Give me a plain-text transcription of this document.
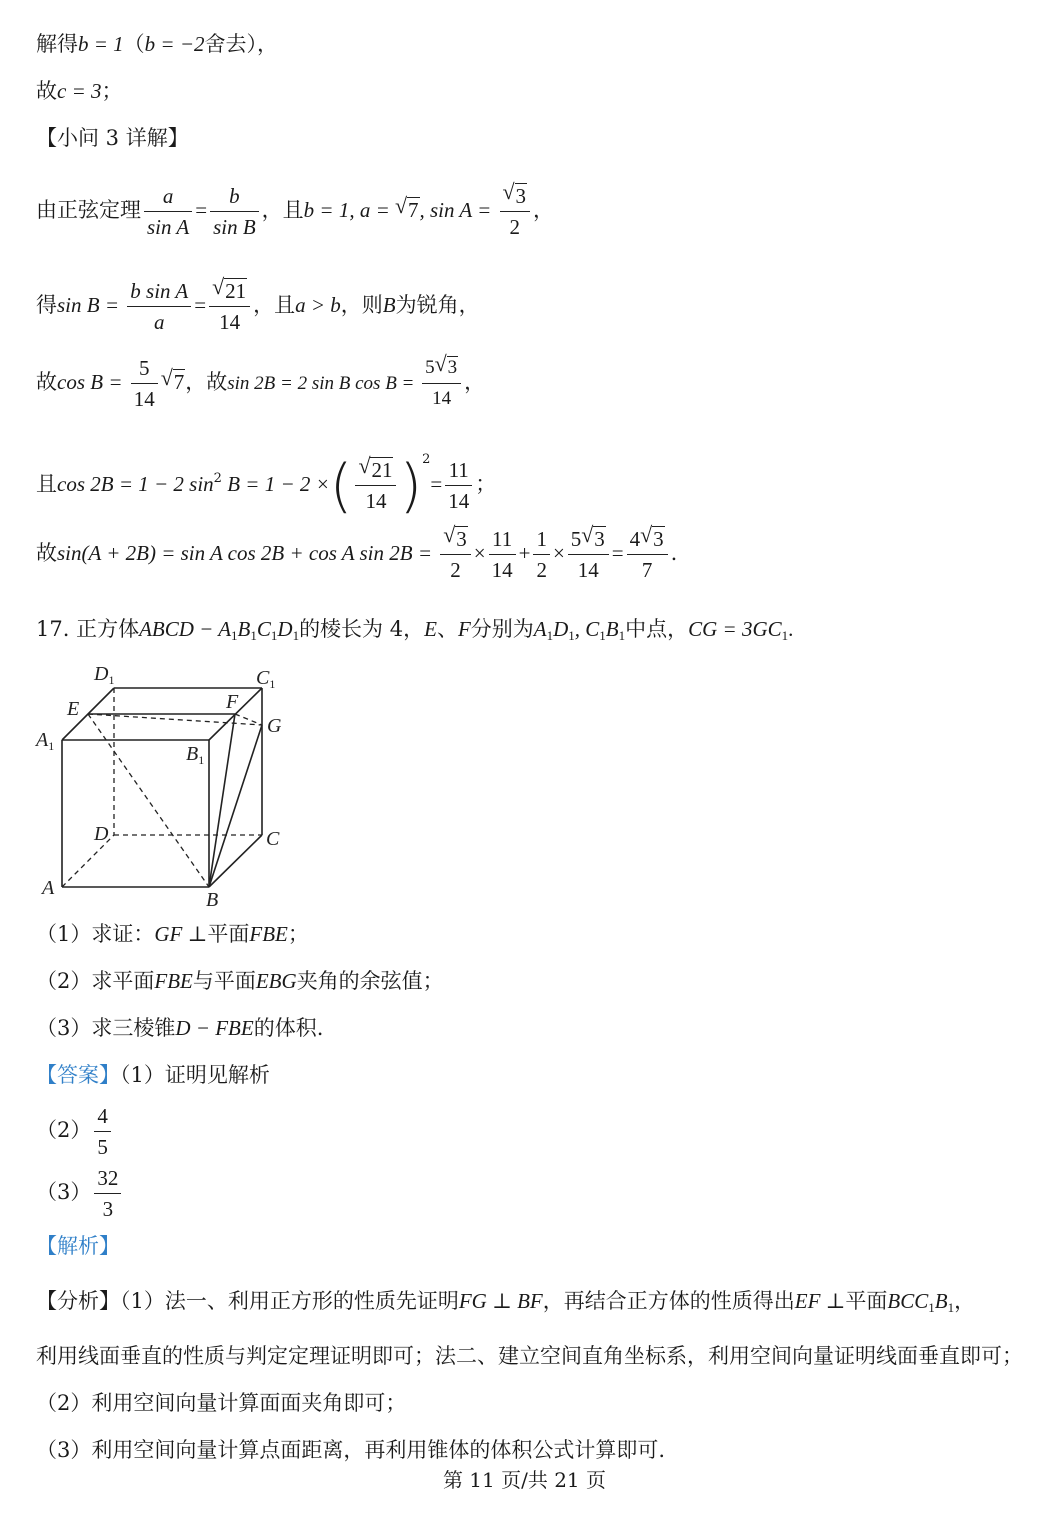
解得b = 1（b = −2舍去），
故c = 3；
【小问 3 详解】
由正弦定理 $\frac{a}{\text{sin A}} = \frac{b}{\text{sin B}}$ ，且b = 1, a = √ 7, $\sin A = \frac{√ 3}{2}$ ，
得$\sin B = \frac{\text{b sin A}}{a} = \frac{√ 21}{14}$ ，且a > b，则B为锐角，
故$\cos B = \frac{5}{14}$ √ 7，故sin 2B = 2 sin B $\cos B = \frac{5 √ 3}{14}$ ，
且cos 2B = 1 − 2 $\sin^2 B = 1 - 2$ ×( $\frac{√ 21}{14} )^2= \frac{11}{14}$ ；
故sin(A + 2B) = sin A cos 2B + cos A $\sin 2B = \frac{√ 3}{2} \times \frac{11}{14} + \frac{1}{2} \times \frac{5 √ 3}{14} = \frac{4 √ 3}{7}$ .
17. 正方体ABCD − $A_1B_1C_1D_1$的棱长为 4，E、F分别为$A_1D_1$, $C_1B_1$中点，CG = $3GC_1$.
$D_1$	$C_1$
E	F
G
$A_1$	$B_1$
D	C
A
B
（1）求证：GF ⊥平面FBE；
（2）求平面FBE与平面EBG夹角的余弦值；
（3）求三棱锥D − FBE的体积.
【答案】（1）证明见解析
$(2) \frac{4}{5}$
$(3) \frac{32}{3}$
【解析】
【分析】（1）法一、利用正方形的性质先证明FG ⊥ BF，再结合正方体的性质得出EF ⊥平面$BCC_1B_1$，
利用线面垂直的性质与判定定理证明即可；法二、建立空间直角坐标系，利用空间向量证明线面垂直即可；
（2）利用空间向量计算面面夹角即可；
（3）利用空间向量计算点面距离，再利用锥体的体积公式计算即可.
第 11 页/共 21 页
